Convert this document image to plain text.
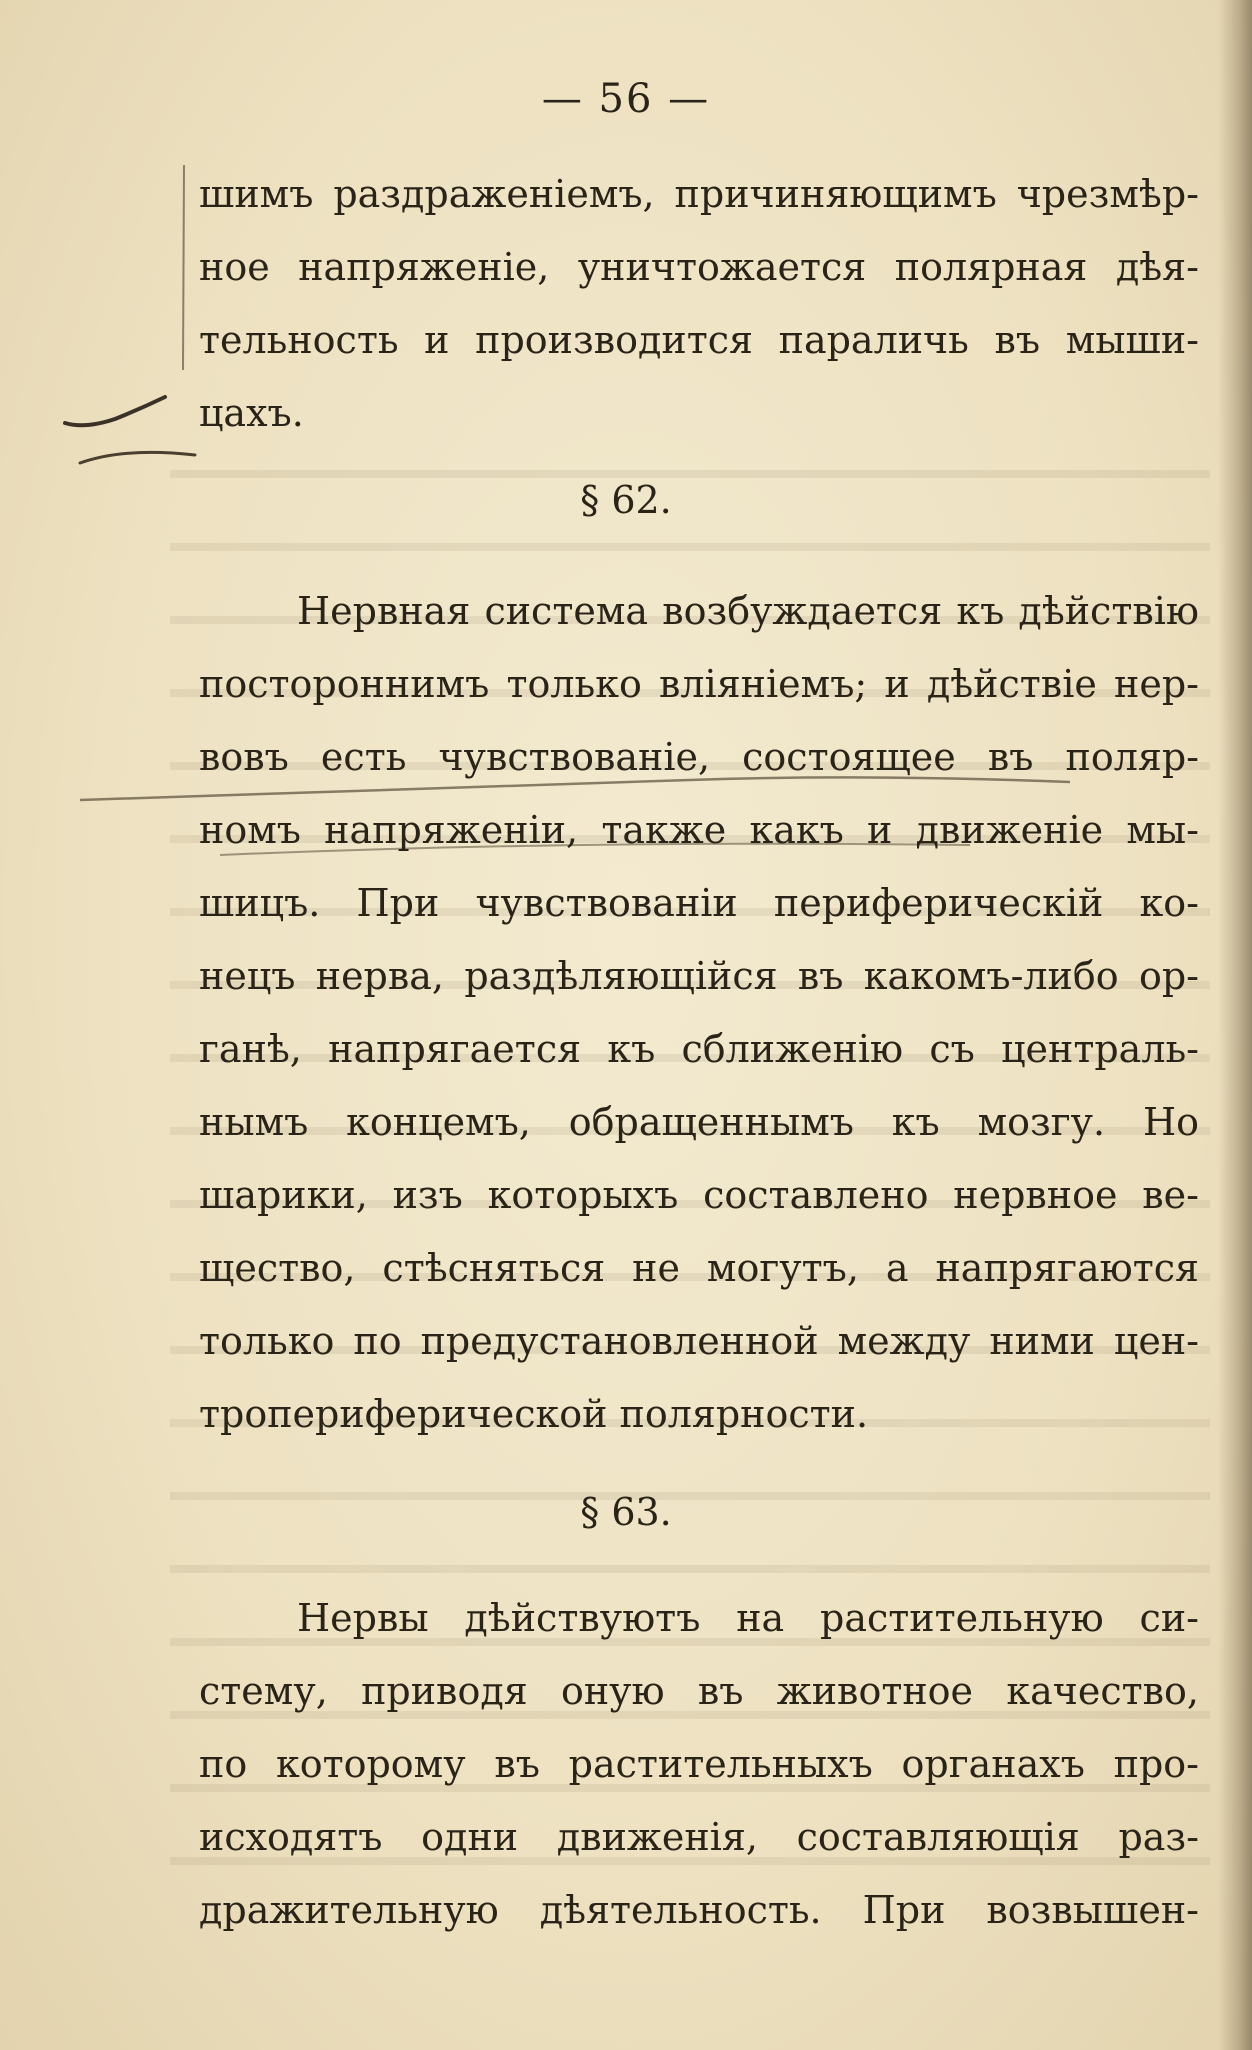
— 56 —
шимъ раздраженіемъ, причиняющимъ чрезмѣр-
ное напряженіе, уничтожается полярная дѣя-
тельность и производится параличь въ мыши-
цахъ.
§ 62.
Нервная система возбуждается къ дѣйствію
постороннимъ только вліяніемъ; и дѣйствіе нер-
вовъ есть чувствованіе, состоящее въ поляр-
номъ напряженіи, также какъ и движеніе мы-
шицъ. При чувствованіи периферическій ко-
нецъ нерва, раздѣляющійся въ какомъ-либо ор-
ганѣ, напрягается къ сближенію съ централь-
нымъ концемъ, обращеннымъ къ мозгу. Но
шарики, изъ которыхъ составлено нервное ве-
щество, стѣсняться не могутъ, а напрягаются
только по предустановленной между ними цен-
тропериферической полярности.
§ 63.
Нервы дѣйствуютъ на растительную си-
стему, приводя оную въ животное качество,
по которому въ растительныхъ органахъ про-
исходятъ одни движенія, составляющія раз-
дражительную дѣятельность. При возвышен-
